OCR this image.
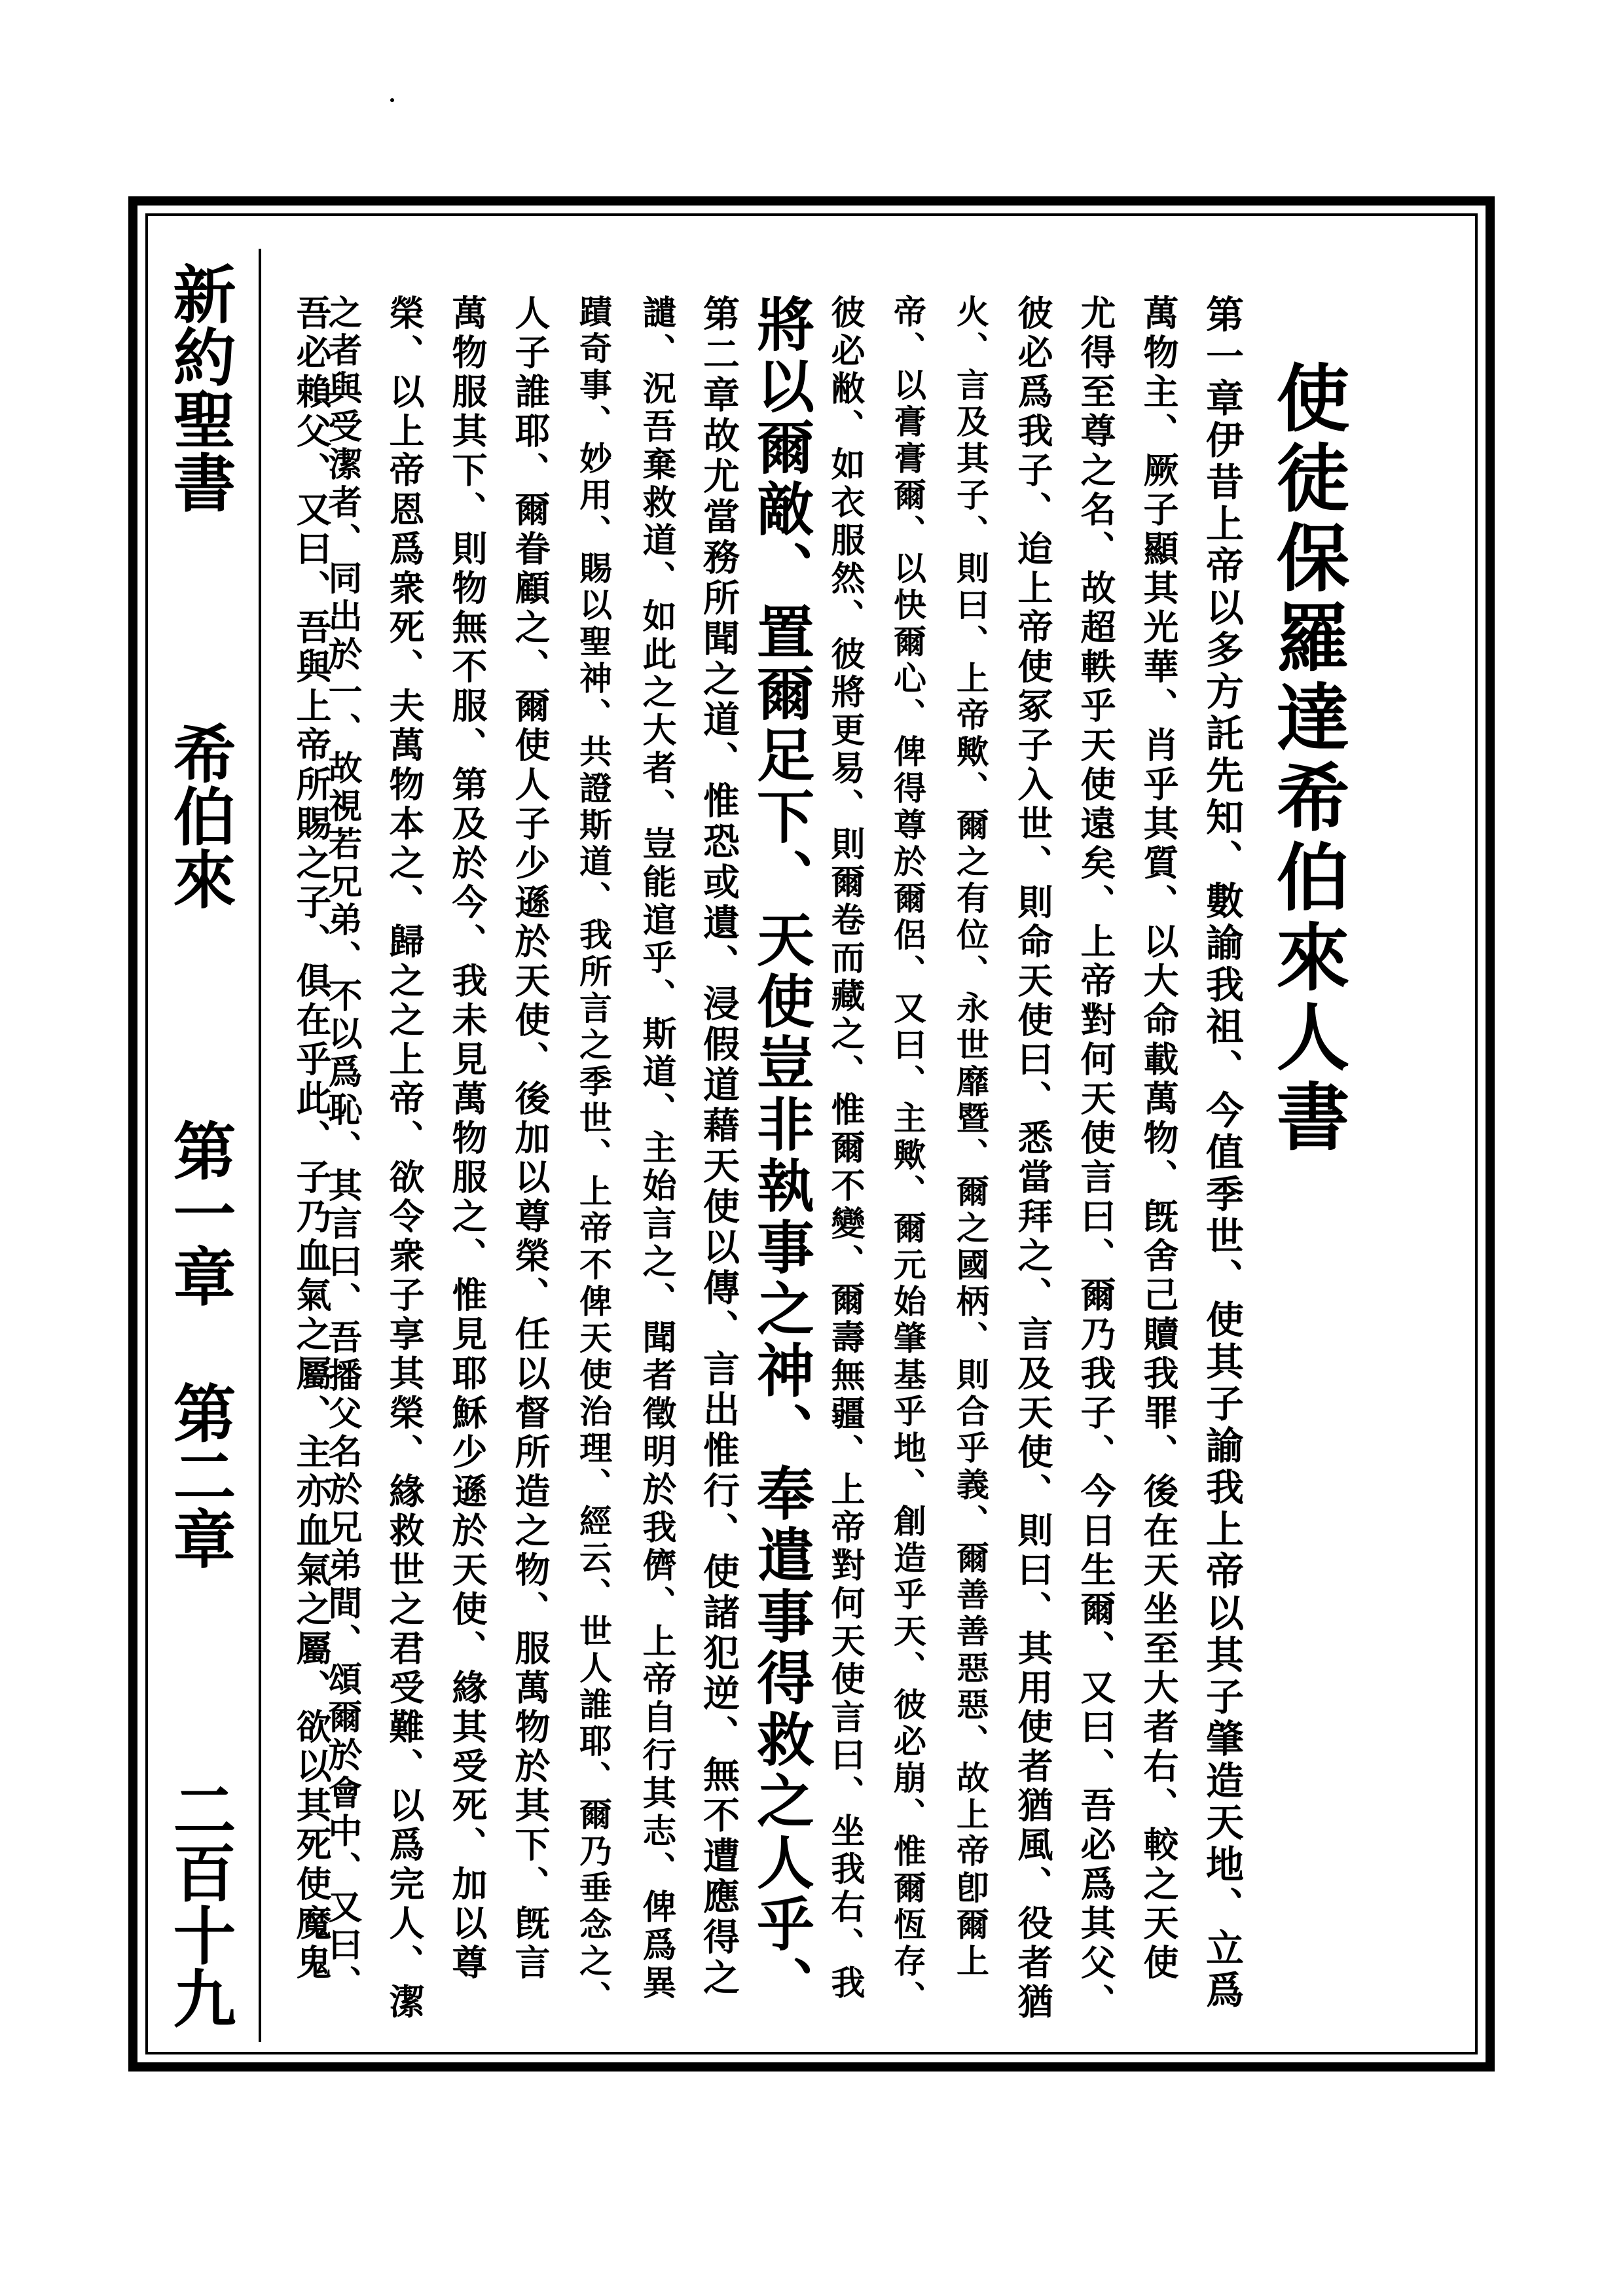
使徒保羅達希伯來人書
第一章伊昔上帝以多方託先知、數諭我祖、今值季世、使其子諭我上帝以其子肇造天地、立爲
萬物主、厥子顯其光華、肖乎其質、以大命載萬物、旣舍己贖我罪、後在天坐至大者右、較之天使
尤得至尊之名、故超軼乎天使遠矣、上帝對何天使言曰、爾乃我子、今日生爾、又曰、吾必爲其父、
彼必爲我子、迨上帝使冢子入世、則命天使曰、悉當拜之、言及天使、則曰、其用使者猶風、役者猶
火、言及其子、則曰、上帝歟、爾之有位、永世靡暨、爾之國柄、則合乎義、爾善善惡惡、故上帝卽爾上
帝、以膏膏爾、以快爾心、俾得尊於爾侶、又曰、主歟、爾元始肇基乎地、創造乎天、彼必崩、惟爾恆存、
彼必敝、如衣服然、彼將更易、則爾卷而藏之、惟爾不變、爾壽無疆、上帝對何天使言曰、坐我右、我
將以爾敵、置爾足下、天使豈非執事之神、奉遣事得救之人乎、
第二章故尤當務所聞之道、惟恐或遺、浸假道藉天使以傳、言出惟行、使諸犯逆、無不遭應得之
譴、況吾棄救道、如此之大者、豈能逭乎、斯道、主始言之、聞者徵明於我儕、上帝自行其志、俾爲異
蹟奇事、妙用、賜以聖神、共證斯道、我所言之季世、上帝不俾天使治理、經云、世人誰耶、爾乃垂念之、
人子誰耶、爾眷顧之、爾使人子少遜於天使、後加以尊榮、任以督所造之物、服萬物於其下、旣言
萬物服其下、則物無不服、第及於今、我未見萬物服之、惟見耶穌少遜於天使、緣其受死、加以尊
榮、以上帝恩爲衆死、夫萬物本之、歸之之上帝、欲令衆子享其榮、緣救世之君受難、以爲完人、潔
之者與受潔者、同出於一、故視若兄弟、不以爲恥、其言曰、吾播父名於兄弟間、頌爾於會中、又曰、
吾必賴父、又曰、吾與上帝所賜之子、俱在乎此、子乃血氣之屬、主亦血氣之屬、欲以其死使魔鬼
新約聖書
希伯來
第一章 第二章
二百十九
